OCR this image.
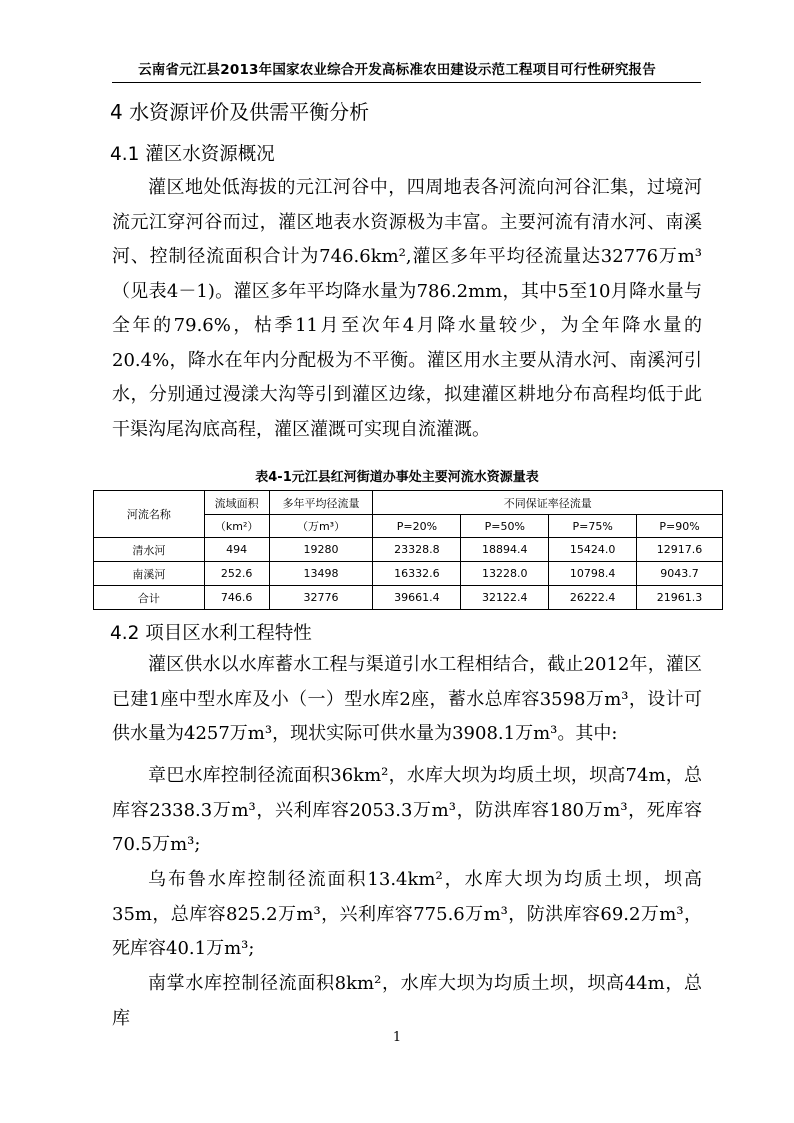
云南省元江县2013年国家农业综合开发高标准农田建设示范工程项目可行性研究报告
4 水资源评价及供需平衡分析
4.1 灌区水资源概况

灌区地处低海拔的元江河谷中，四周地表各河流向河谷汇集，过境河流元江穿河谷而过，灌区地表水资源极为丰富。主要河流有清水河、南溪河、控制径流面积合计为746.6km²,灌区多年平均径流量达32776万m³（见表4－1)。灌区多年平均降水量为786.2mm，其中5至10月降水量与全年的79.6%，枯季11月至次年4月降水量较少，为全年降水量的20.4%，降水在年内分配极为不平衡。灌区用水主要从清水河、南溪河引水，分别通过漫漾大沟等引到灌区边缘，拟建灌区耕地分布高程均低于此干渠沟尾沟底高程，灌区灌溉可实现自流灌溉。

表4-1元江县红河街道办事处主要河流水资源量表
河流名称	流域面积	多年平均径流量	不同保证率径流量			
	（km²）	（万m³）	P=20%	P=50%	P=75%	P=90%
清水河	494	19280	23328.8	18894.4	15424.0	12917.6
南溪河	252.6	13498	16332.6	13228.0	10798.4	9043.7
合计	746.6	32776	39661.4	32122.4	26222.4	21961.3
4.2 项目区水利工程特性

灌区供水以水库蓄水工程与渠道引水工程相结合，截止2012年，灌区已建1座中型水库及小（一）型水库2座，蓄水总库容3598万m³，设计可供水量为4257万m³，现状实际可供水量为3908.1万m³。其中:

章巴水库控制径流面积36km²，水库大坝为均质土坝，坝高74m，总库容2338.3万m³，兴利库容2053.3万m³，防洪库容180万m³，死库容70.5万m³;

乌布鲁水库控制径流面积13.4km²，水库大坝为均质土坝，坝高35m，总库容825.2万m³，兴利库容775.6万m³，防洪库容69.2万m³，死库容40.1万m³;

南掌水库控制径流面积8km²，水库大坝为均质土坝，坝高44m，总库

1
